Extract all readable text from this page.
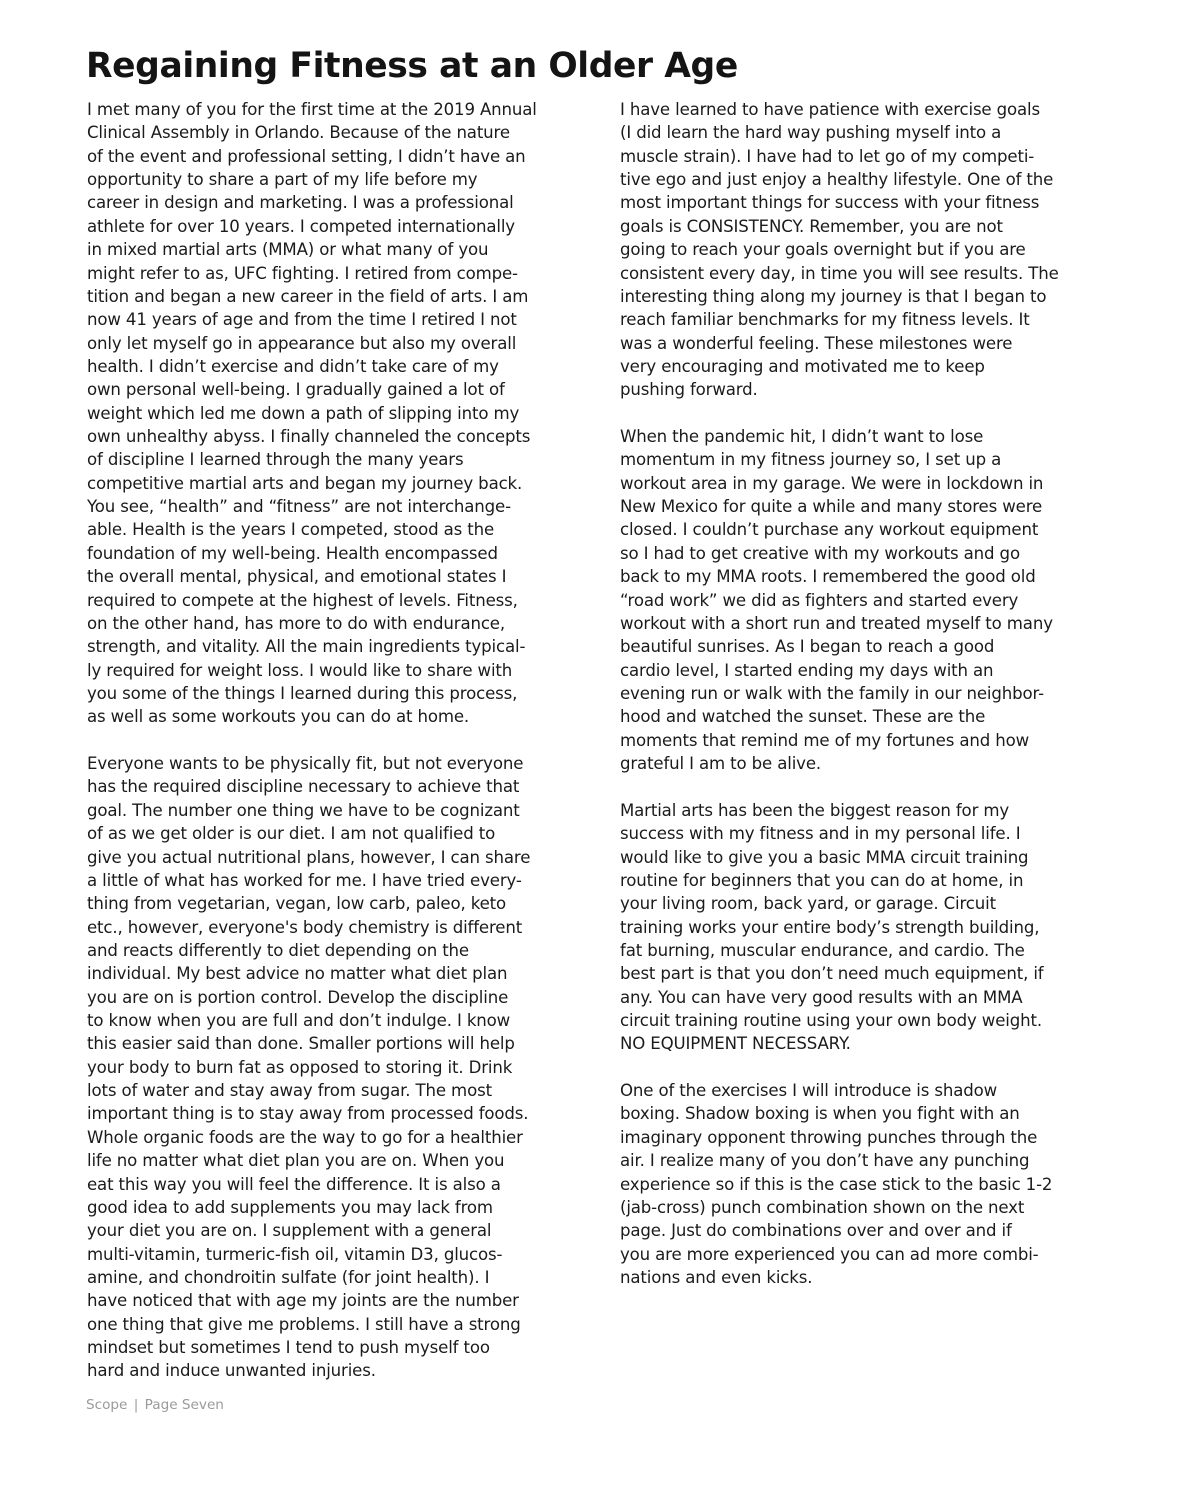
Regaining Fitness at an Older Age
I met many of you for the first time at the 2019 Annual
Clinical Assembly in Orlando. Because of the nature
of the event and professional setting, I didn’t have an
opportunity to share a part of my life before my
career in design and marketing. I was a professional
athlete for over 10 years. I competed internationally
in mixed martial arts (MMA) or what many of you
might refer to as, UFC fighting. I retired from compe-
tition and began a new career in the field of arts. I am
now 41 years of age and from the time I retired I not
only let myself go in appearance but also my overall
health. I didn’t exercise and didn’t take care of my
own personal well-being. I gradually gained a lot of
weight which led me down a path of slipping into my
own unhealthy abyss. I finally channeled the concepts
of discipline I learned through the many years
competitive martial arts and began my journey back.
You see, “health” and “fitness” are not interchange-
able. Health is the years I competed, stood as the
foundation of my well-being. Health encompassed
the overall mental, physical, and emotional states I
required to compete at the highest of levels. Fitness,
on the other hand, has more to do with endurance,
strength, and vitality. All the main ingredients typical-
ly required for weight loss. I would like to share with
you some of the things I learned during this process,
as well as some workouts you can do at home.
Everyone wants to be physically fit, but not everyone
has the required discipline necessary to achieve that
goal. The number one thing we have to be cognizant
of as we get older is our diet. I am not qualified to
give you actual nutritional plans, however, I can share
a little of what has worked for me. I have tried every-
thing from vegetarian, vegan, low carb, paleo, keto
etc., however, everyone's body chemistry is different
and reacts differently to diet depending on the
individual. My best advice no matter what diet plan
you are on is portion control. Develop the discipline
to know when you are full and don’t indulge. I know
this easier said than done. Smaller portions will help
your body to burn fat as opposed to storing it. Drink
lots of water and stay away from sugar. The most
important thing is to stay away from processed foods.
Whole organic foods are the way to go for a healthier
life no matter what diet plan you are on. When you
eat this way you will feel the difference. It is also a
good idea to add supplements you may lack from
your diet you are on. I supplement with a general
multi-vitamin, turmeric-fish oil, vitamin D3, glucos-
amine, and chondroitin sulfate (for joint health). I
have noticed that with age my joints are the number
one thing that give me problems. I still have a strong
mindset but sometimes I tend to push myself too
hard and induce unwanted injuries.
I have learned to have patience with exercise goals
(I did learn the hard way pushing myself into a
muscle strain). I have had to let go of my competi-
tive ego and just enjoy a healthy lifestyle. One of the
most important things for success with your fitness
goals is CONSISTENCY. Remember, you are not
going to reach your goals overnight but if you are
consistent every day, in time you will see results. The
interesting thing along my journey is that I began to
reach familiar benchmarks for my fitness levels. It
was a wonderful feeling. These milestones were
very encouraging and motivated me to keep
pushing forward.
When the pandemic hit, I didn’t want to lose
momentum in my fitness journey so, I set up a
workout area in my garage. We were in lockdown in
New Mexico for quite a while and many stores were
closed. I couldn’t purchase any workout equipment
so I had to get creative with my workouts and go
back to my MMA roots. I remembered the good old
“road work” we did as fighters and started every
workout with a short run and treated myself to many
beautiful sunrises. As I began to reach a good
cardio level, I started ending my days with an
evening run or walk with the family in our neighbor-
hood and watched the sunset. These are the
moments that remind me of my fortunes and how
grateful I am to be alive.
Martial arts has been the biggest reason for my
success with my fitness and in my personal life. I
would like to give you a basic MMA circuit training
routine for beginners that you can do at home, in
your living room, back yard, or garage. Circuit
training works your entire body’s strength building,
fat burning, muscular endurance, and cardio. The
best part is that you don’t need much equipment, if
any. You can have very good results with an MMA
circuit training routine using your own body weight.
NO EQUIPMENT NECESSARY.
One of the exercises I will introduce is shadow
boxing. Shadow boxing is when you fight with an
imaginary opponent throwing punches through the
air. I realize many of you don’t have any punching
experience so if this is the case stick to the basic 1-2
(jab-cross) punch combination shown on the next
page. Just do combinations over and over and if
you are more experienced you can ad more combi-
nations and even kicks.
Scope | Page Seven
